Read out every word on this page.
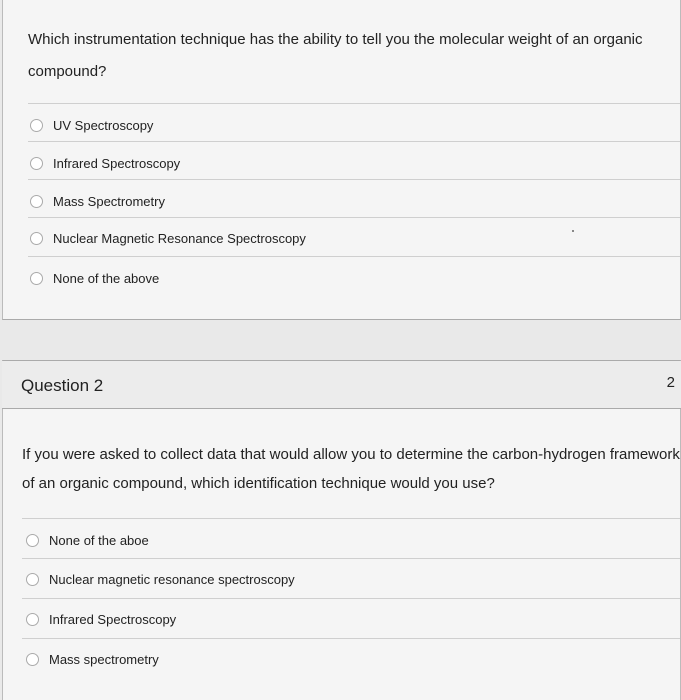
Which instrumentation technique has the ability to tell you the molecular weight of an organic compound?
UV Spectroscopy
Infrared Spectroscopy
Mass Spectrometry
Nuclear Magnetic Resonance Spectroscopy
None of the above
Question 2	2
If you were asked to collect data that would allow you to determine the carbon-hydrogen framework of an organic compound, which identification technique would you use?
None of the aboe
Nuclear magnetic resonance spectroscopy
Infrared Spectroscopy
Mass spectrometry
